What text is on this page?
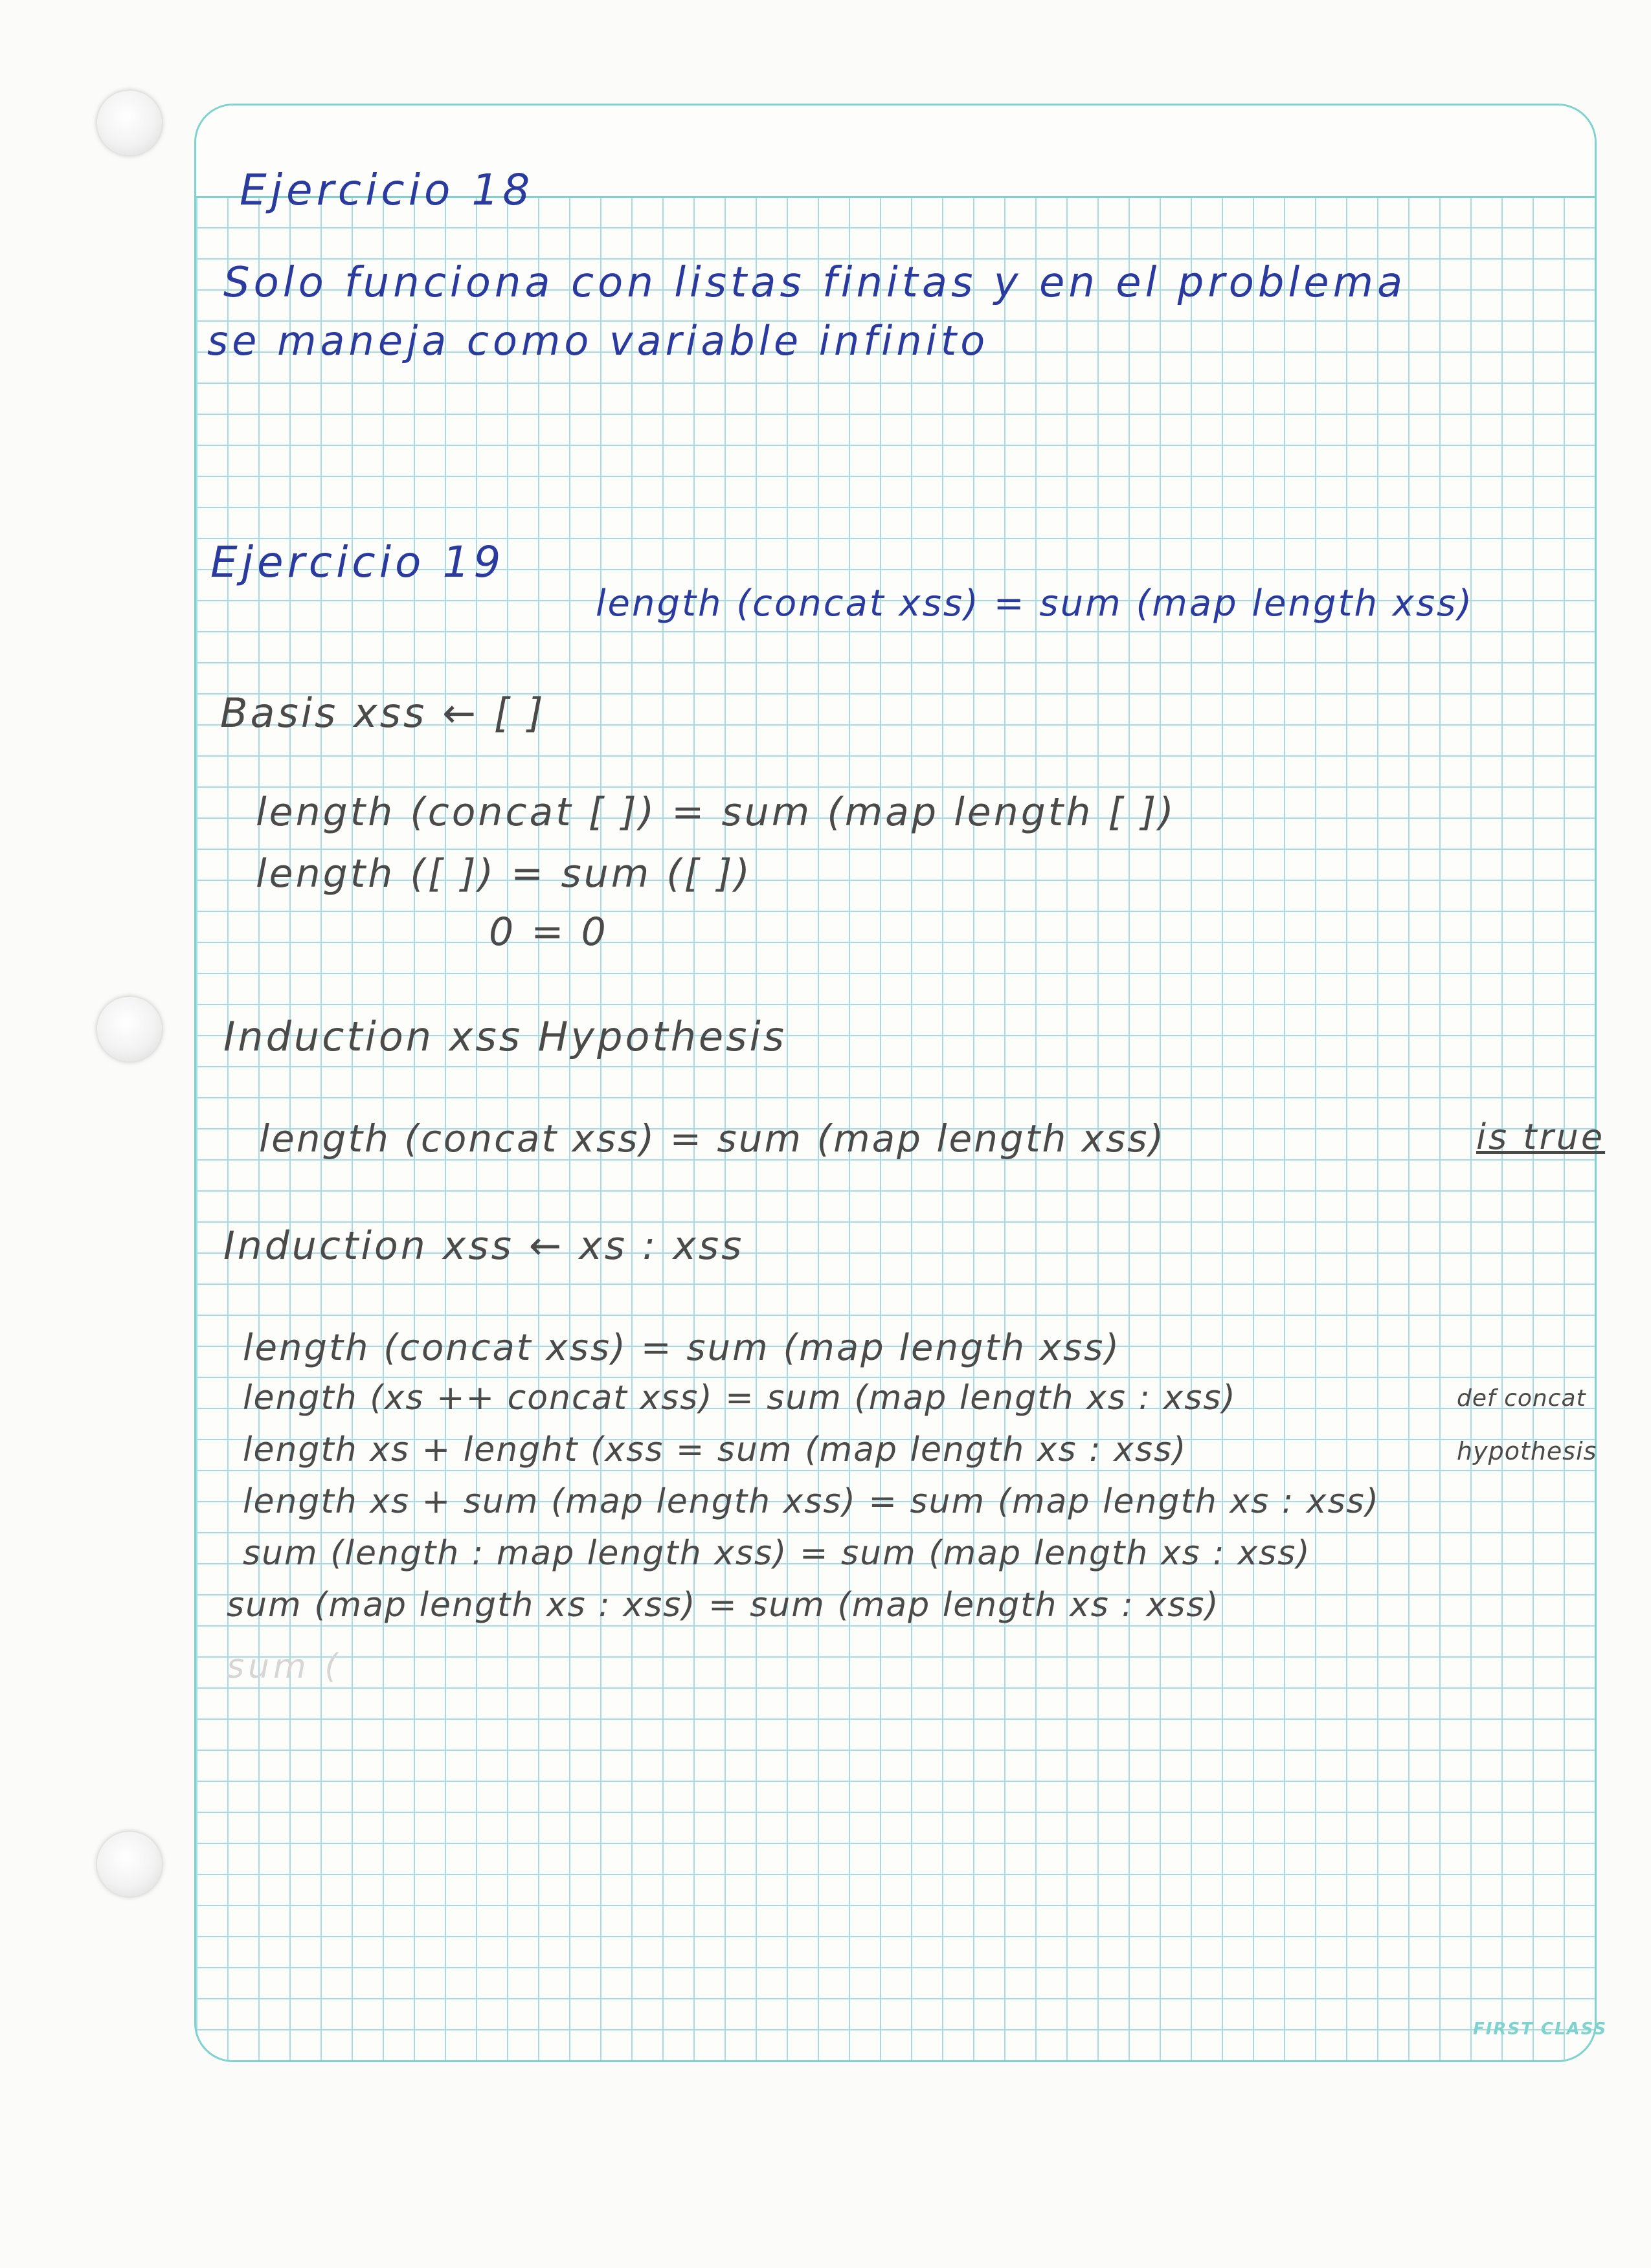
Ejercicio 18
Solo funciona con listas finitas y en el problema
se maneja como variable infinito
Ejercicio 19
length (concat xss) = sum (map length xss)
Basis xss ← [ ]
length (concat [ ]) = sum (map length [ ])
length ([ ]) = sum ([ ])
0 = 0
Induction xss Hypothesis
length (concat xss) = sum (map length xss)	is true
Induction xss ← xs : xss
length (concat xss) = sum (map length xss)
length (xs ++ concat xss) = sum (map length xs : xss)	def concat
length xs + lenght (xss = sum (map length xs : xss)	hypothesis
length xs + sum (map length xss) = sum (map length xs : xss)
sum (length : map length xss) = sum (map length xs : xss)
sum (map length xs : xss) = sum (map length xs : xss)
sum (
FIRST CLASS
